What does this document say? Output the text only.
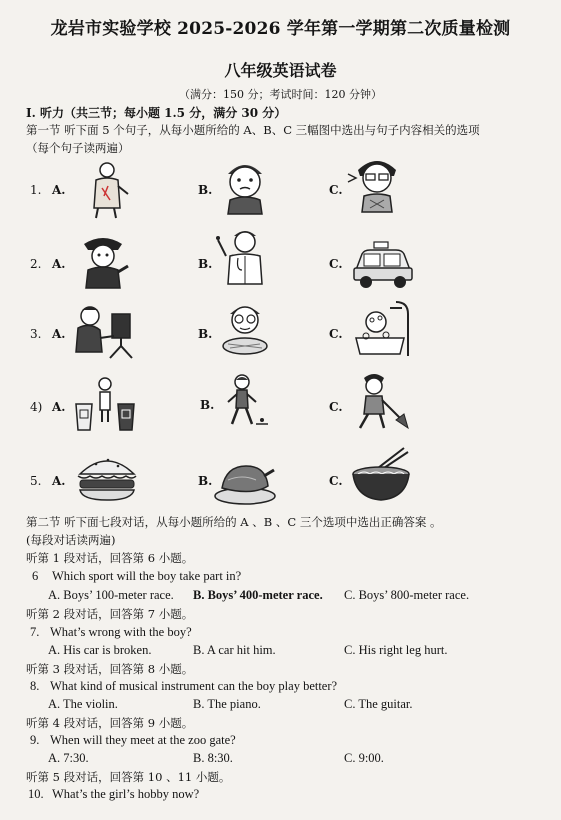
龙岩市实验学校 2025-2026 学年第一学期第二次质量检测
八年级英语试卷
（满分：150 分；考试时间：120 分钟）
I. 听力（共三节；每小题 1.5 分，满分 30 分）
第一节 听下面 5 个句子，从每小题所给的 A、B、C 三幅图中选出与句子内容相关的选项
（每个句子读两遍）
1. A.	B.	C.
2. A.	B.	C.
3. A.	B.	C.
4) A.	B.	C.
5. A.	B.	C.
第二节 听下面七段对话，从每小题所给的 A 、B 、C 三个选项中选出正确答案 。
(每段对话读两遍)
听第 1 段对话，回答第 6 小题。
6 Which sport will the boy take part in?
A. Boys’ 100-meter race. B. Boys’ 400-meter race. C. Boys’ 800-meter race.
听第 2 段对话，回答第 7 小题。
7. What’s wrong with the boy?
A. His car is broken.	B. A car hit him.	C. His right leg hurt.
听第 3 段对话，回答第 8 小题。
8. What kind of musical instrument can the boy play better?
A. The violin.	B. The piano.	C. The guitar.
听第 4 段对话，回答第 9 小题。
9. When will they meet at the zoo gate?
A. 7:30.	B. 8:30.	C. 9:00.
听第 5 段对话，回答第 10 、11 小题。
10. What’s the girl’s hobby now?
